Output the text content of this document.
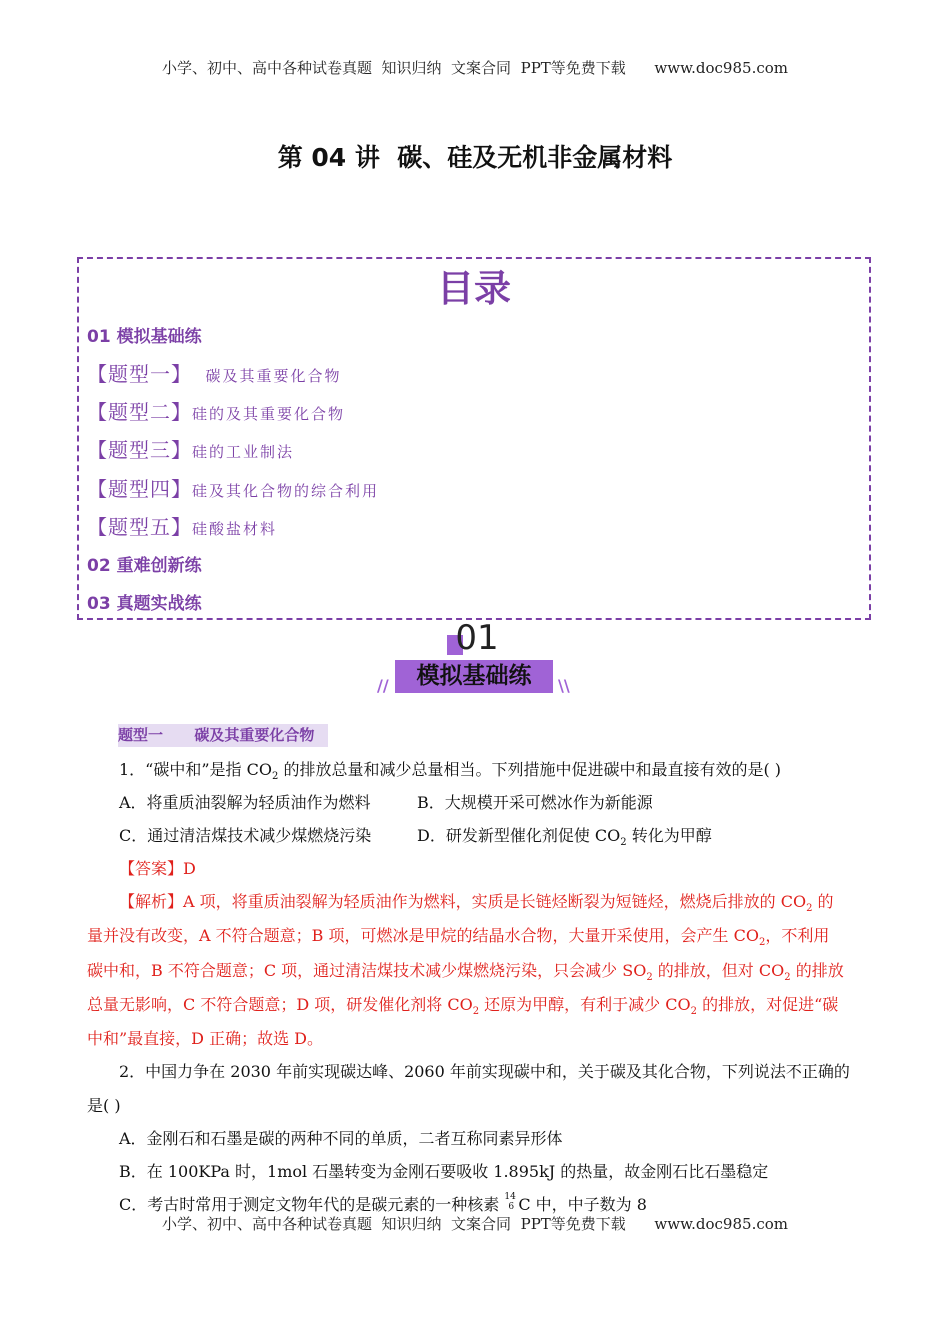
小学、初中、高中各种试卷真题  知识归纳  文案合同  PPT等免费下载      www.doc985.com
第 04 讲  碳、硅及无机非金属材料
目录
01 模拟基础练
【题型一】  碳及其重要化合物
【题型二】硅的及其重要化合物
【题型三】硅的工业制法
【题型四】硅及其化合物的综合利用
【题型五】硅酸盐材料
02 重难创新练
03 真题实战练
01
模拟基础练
//	\\
题型一      碳及其重要化合物
1．“碳中和”是指 $CO_2$ 的排放总量和减少总量相当。下列措施中促进碳中和最直接有效的是( )
A．将重质油裂解为轻质油作为燃料	B．大规模开采可燃冰作为新能源
C．通过清洁煤技术减少煤燃烧污染	D．研发新型催化剂促使 $CO_2$ 转化为甲醇
【答案】D
【解析】A 项，将重质油裂解为轻质油作为燃料，实质是长链烃断裂为短链烃，燃烧后排放的 $CO_2$ 的
量并没有改变，A 不符合题意；B 项，可燃冰是甲烷的结晶水合物，大量开采使用，会产生 $CO_2$，不利用
碳中和，B 不符合题意；C 项，通过清洁煤技术减少煤燃烧污染，只会减少 $SO_2$ 的排放，但对 $CO_2$ 的排放
总量无影响，C 不符合题意；D 项，研发催化剂将 $CO_2$ 还原为甲醇，有利于减少 $CO_2$ 的排放，对促进“碳
中和”最直接，D 正确；故选 D。
2．中国力争在 2030 年前实现碳达峰、2060 年前实现碳中和，关于碳及其化合物，下列说法不正确的
是( )
A．金刚石和石墨是碳的两种不同的单质，二者互称同素异形体
B．在 100KPa 时，1mol 石墨转变为金刚石要吸收 1.895kJ 的热量，故金刚石比石墨稳定
C．考古时常用于测定文物年代的是碳元素的一种核素 14
6 C 中，中子数为 8
小学、初中、高中各种试卷真题  知识归纳  文案合同  PPT等免费下载      www.doc985.com
